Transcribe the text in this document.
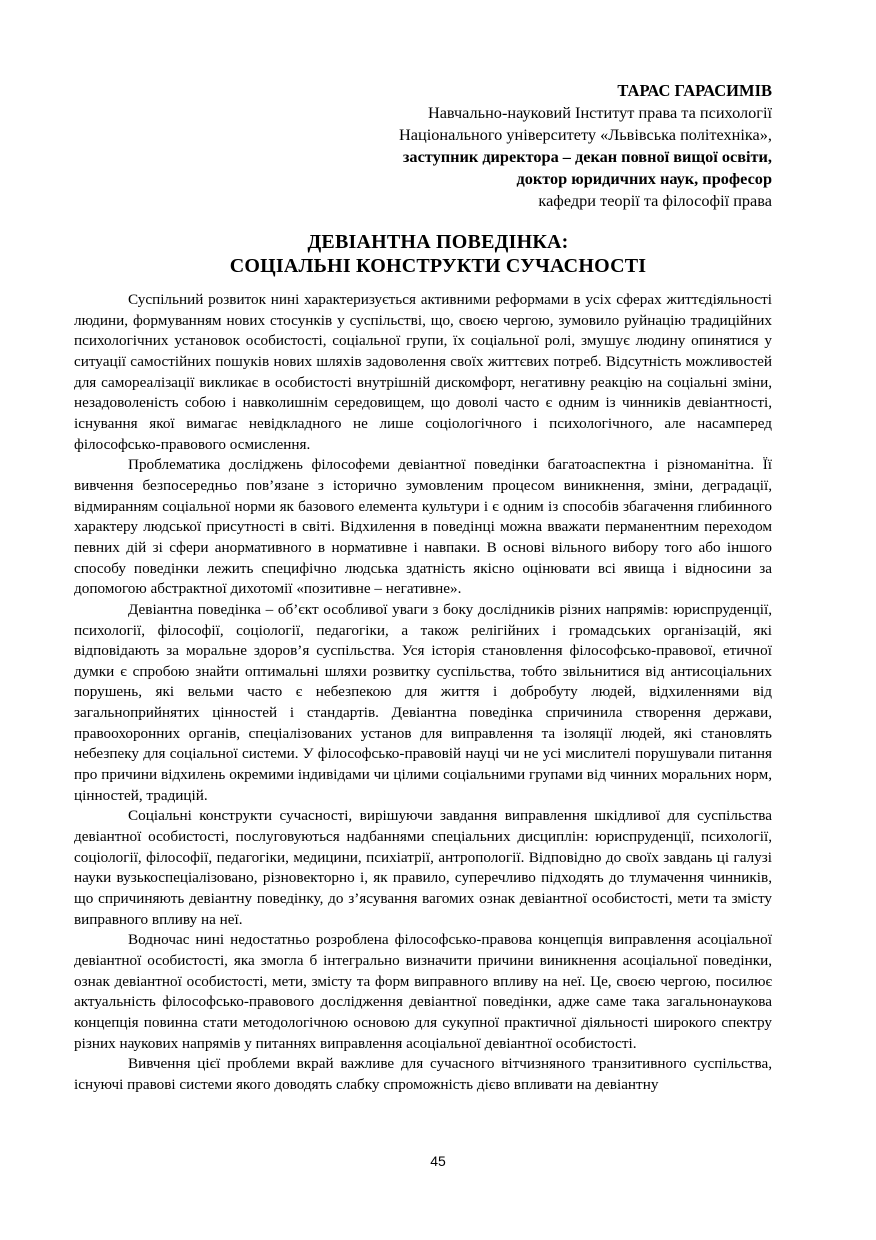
ТАРАС ГАРАСИМІВ
Навчально-науковий Інститут права та психології
Національного університету «Львівська політехніка»,
заступник директора – декан повної вищої освіти,
доктор юридичних наук, професор
кафедри теорії та філософії права
ДЕВІАНТНА ПОВЕДІНКА:
СОЦІАЛЬНІ КОНСТРУКТИ СУЧАСНОСТІ

Суспільний розвиток нині характеризується активними реформами в усіх сферах життєдіяльності людини, формуванням нових стосунків у суспільстві, що, своєю чергою, зумовило руйнацію традиційних психологічних установок особистості, соціальної групи, їх соціальної ролі, змушує людину опинятися у ситуації самостійних пошуків нових шляхів задоволення своїх життєвих потреб. Відсутність можливостей для самореалізації викликає в особистості внутрішній дискомфорт, негативну реакцію на соціальні зміни, незадоволеність собою і навколишнім середовищем, що доволі часто є одним із чинників девіантності, існування якої вимагає невідкладного не лише соціологічного і психологічного, але насамперед філософсько-правового осмислення.

Проблематика досліджень філософеми девіантної поведінки багатоаспектна і різноманітна. Її вивчення безпосередньо пов’язане з історично зумовленим процесом виникнення, зміни, деградації, відмиранням соціальної норми як базового елемента культури і є одним із способів збагачення глибинного характеру людської присутності в світі. Відхилення в поведінці можна вважати перманентним переходом певних дій зі сфери анормативного в нормативне і навпаки. В основі вільного вибору того або іншого способу поведінки лежить специфічно людська здатність якісно оцінювати всі явища і відносини за допомогою абстрактної дихотомії «позитивне – негативне».

Девіантна поведінка – об’єкт особливої уваги з боку дослідників різних напрямів: юриспруденції, психології, філософії, соціології, педагогіки, а також релігійних і громадських організацій, які відповідають за моральне здоров’я суспільства. Уся історія становлення філософсько-правової, етичної думки є спробою знайти оптимальні шляхи розвитку суспільства, тобто звільнитися від антисоціальних порушень, які вельми часто є небезпекою для життя і добробуту людей, відхиленнями від загальноприйнятих цінностей і стандартів. Девіантна поведінка спричинила створення держави, правоохоронних органів, спеціалізованих установ для виправлення та ізоляції людей, які становлять небезпеку для соціальної системи. У філософсько-правовій науці чи не усі мислителі порушували питання про причини відхилень окремими індивідами чи цілими соціальними групами від чинних моральних норм, цінностей, традицій.

Соціальні конструкти сучасності, вирішуючи завдання виправлення шкідливої для суспільства девіантної особистості, послуговуються надбаннями спеціальних дисциплін: юриспруденції, психології, соціології, філософії, педагогіки, медицини, психіатрії, антропології. Відповідно до своїх завдань ці галузі науки вузькоспеціалізовано, різновекторно і, як правило, суперечливо підходять до тлумачення чинників, що спричиняють девіантну поведінку, до з’ясування вагомих ознак девіантної особистості, мети та змісту виправного впливу на неї.

Водночас нині недостатньо розроблена філософсько-правова концепція виправлення асоціальної девіантної особистості, яка змогла б інтегрально визначити причини виникнення асоціальної поведінки, ознак девіантної особистості, мети, змісту та форм виправного впливу на неї. Це, своєю чергою, посилює актуальність філософсько-правового дослідження девіантної поведінки, адже саме така загальнонаукова концепція повинна стати методологічною основою для сукупної практичної діяльності широкого спектру різних наукових напрямів у питаннях виправлення асоціальної девіантної особистості.

Вивчення цієї проблеми вкрай важливе для сучасного вітчизняного транзитивного суспільства, існуючі правові системи якого доводять слабку спроможність дієво впливати на девіантну

45
